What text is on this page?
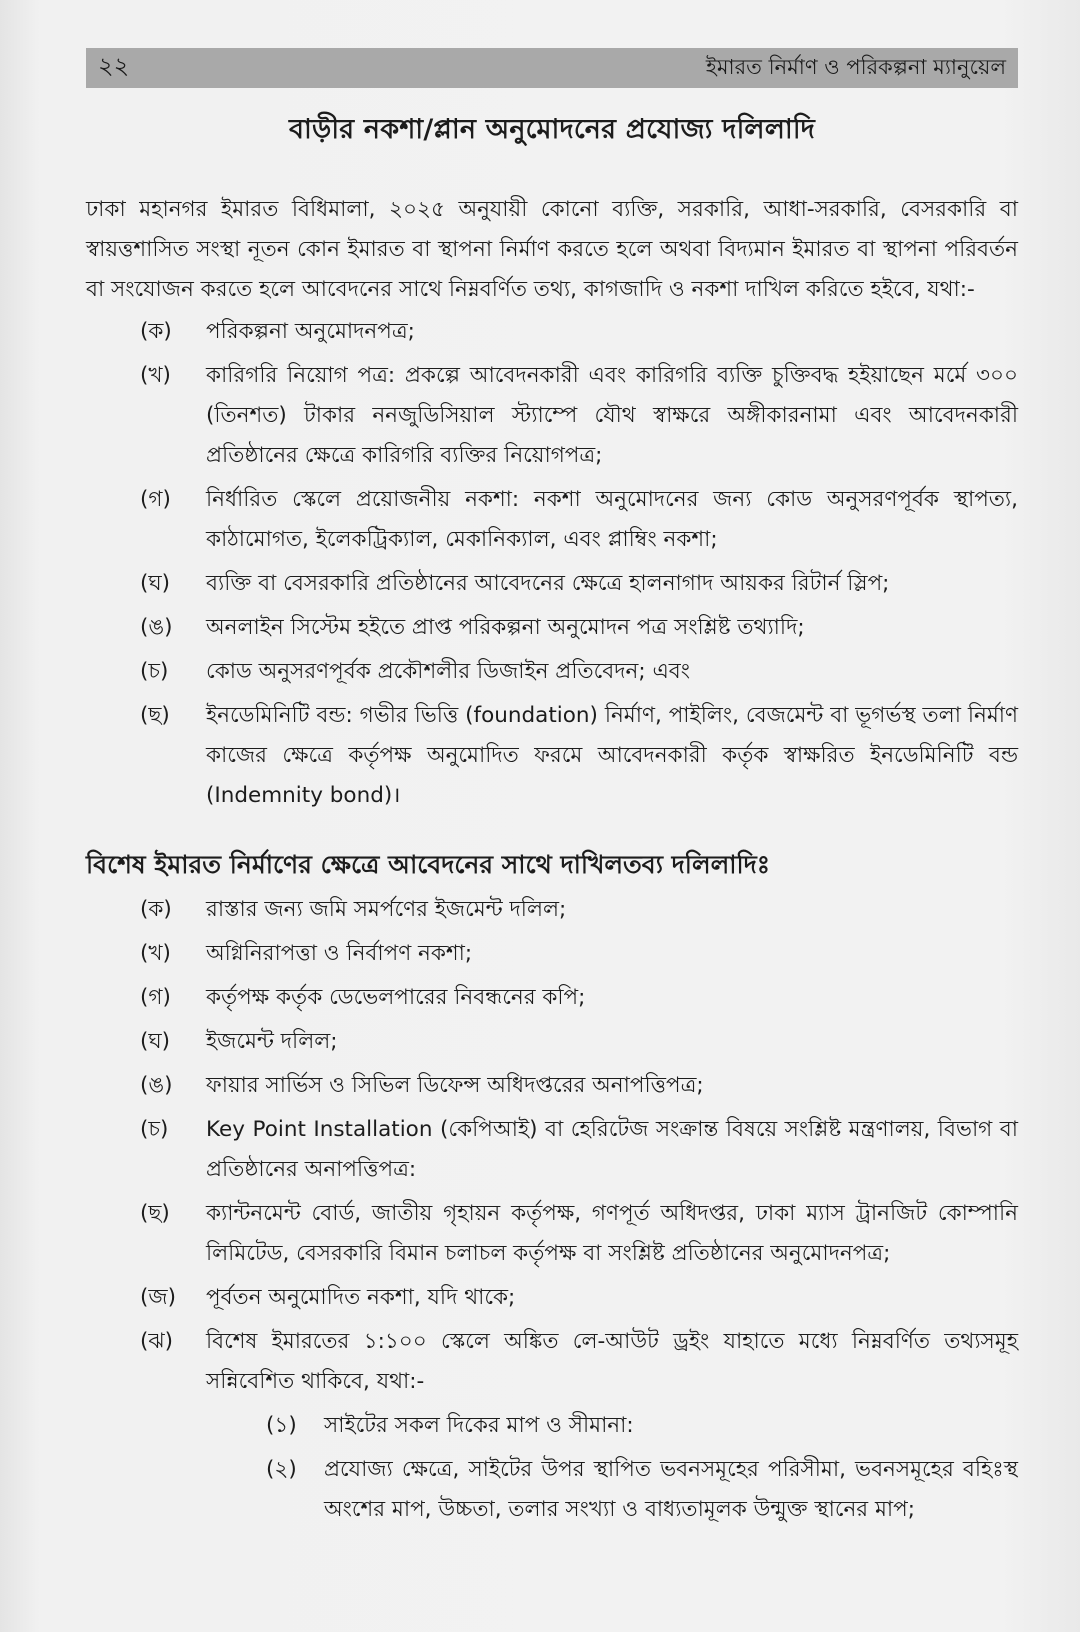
২২	ইমারত নির্মাণ ও পরিকল্পনা ম্যানুয়েল
বাড়ীর নকশা/প্লান অনুমোদনের প্রযোজ্য দলিলাদি
ঢাকা মহানগর ইমারত বিধিমালা, ২০২৫ অনুযায়ী কোনো ব্যক্তি, সরকারি, আধা-সরকারি, বেসরকারি বা স্বায়ত্তশাসিত সংস্থা নূতন কোন ইমারত বা স্থাপনা নির্মাণ করতে হলে অথবা বিদ্যমান ইমারত বা স্থাপনা পরিবর্তন বা সংযোজন করতে হলে আবেদনের সাথে নিম্নবর্ণিত তথ্য, কাগজাদি ও নকশা দাখিল করিতে হইবে, যথা:-
(ক)	পরিকল্পনা অনুমোদনপত্র;
(খ)	কারিগরি নিয়োগ পত্র: প্রকল্পে আবেদনকারী এবং কারিগরি ব্যক্তি চুক্তিবদ্ধ হইয়াছেন মর্মে ৩০০ (তিনশত) টাকার ননজুডিসিয়াল স্ট্যাম্পে যৌথ স্বাক্ষরে অঙ্গীকারনামা এবং আবেদনকারী প্রতিষ্ঠানের ক্ষেত্রে কারিগরি ব্যক্তির নিয়োগপত্র;
(গ)	নির্ধারিত স্কেলে প্রয়োজনীয় নকশা: নকশা অনুমোদনের জন্য কোড অনুসরণপূর্বক স্থাপত্য, কাঠামোগত, ইলেকট্রিক্যাল, মেকানিক্যাল, এবং প্লাম্বিং নকশা;
(ঘ)	ব্যক্তি বা বেসরকারি প্রতিষ্ঠানের আবেদনের ক্ষেত্রে হালনাগাদ আয়কর রিটার্ন স্লিপ;
(ঙ)	অনলাইন সিস্টেম হইতে প্রাপ্ত পরিকল্পনা অনুমোদন পত্র সংশ্লিষ্ট তথ্যাদি;
(চ)	কোড অনুসরণপূর্বক প্রকৌশলীর ডিজাইন প্রতিবেদন; এবং
(ছ)	ইনডেমিনিটি বন্ড: গভীর ভিত্তি (foundation) নির্মাণ, পাইলিং, বেজমেন্ট বা ভূগর্ভস্থ তলা নির্মাণ কাজের ক্ষেত্রে কর্তৃপক্ষ অনুমোদিত ফরমে আবেদনকারী কর্তৃক স্বাক্ষরিত ইনডেমিনিটি বন্ড (Indemnity bond)।
বিশেষ ইমারত নির্মাণের ক্ষেত্রে আবেদনের সাথে দাখিলতব্য দলিলাদিঃ
(ক)	রাস্তার জন্য জমি সমর্পণের ইজমেন্ট দলিল;
(খ)	অগ্নিনিরাপত্তা ও নির্বাপণ নকশা;
(গ)	কর্তৃপক্ষ কর্তৃক ডেভেলপারের নিবন্ধনের কপি;
(ঘ)	ইজমেন্ট দলিল;
(ঙ)	ফায়ার সার্ভিস ও সিভিল ডিফেন্স অধিদপ্তরের অনাপত্তিপত্র;
(চ)	Key Point Installation (কেপিআই) বা হেরিটেজ সংক্রান্ত বিষয়ে সংশ্লিষ্ট মন্ত্রণালয়, বিভাগ বা প্রতিষ্ঠানের অনাপত্তিপত্র:
(ছ)	ক্যান্টনমেন্ট বোর্ড, জাতীয় গৃহায়ন কর্তৃপক্ষ, গণপূর্ত অধিদপ্তর, ঢাকা ম্যাস ট্রানজিট কোম্পানি লিমিটেড, বেসরকারি বিমান চলাচল কর্তৃপক্ষ বা সংশ্লিষ্ট প্রতিষ্ঠানের অনুমোদনপত্র;
(জ)	পূর্বতন অনুমোদিত নকশা, যদি থাকে;
(ঝ)	বিশেষ ইমারতের ১:১০০ স্কেলে অঙ্কিত লে-আউট ড্রইং যাহাতে মধ্যে নিম্নবর্ণিত তথ্যসমূহ সন্নিবেশিত থাকিবে, যথা:-
(১)	সাইটের সকল দিকের মাপ ও সীমানা:
(২)	প্রযোজ্য ক্ষেত্রে, সাইটের উপর স্থাপিত ভবনসমূহের পরিসীমা, ভবনসমূহের বহিঃস্থ অংশের মাপ, উচ্চতা, তলার সংখ্যা ও বাধ্যতামূলক উন্মুক্ত স্থানের মাপ;
